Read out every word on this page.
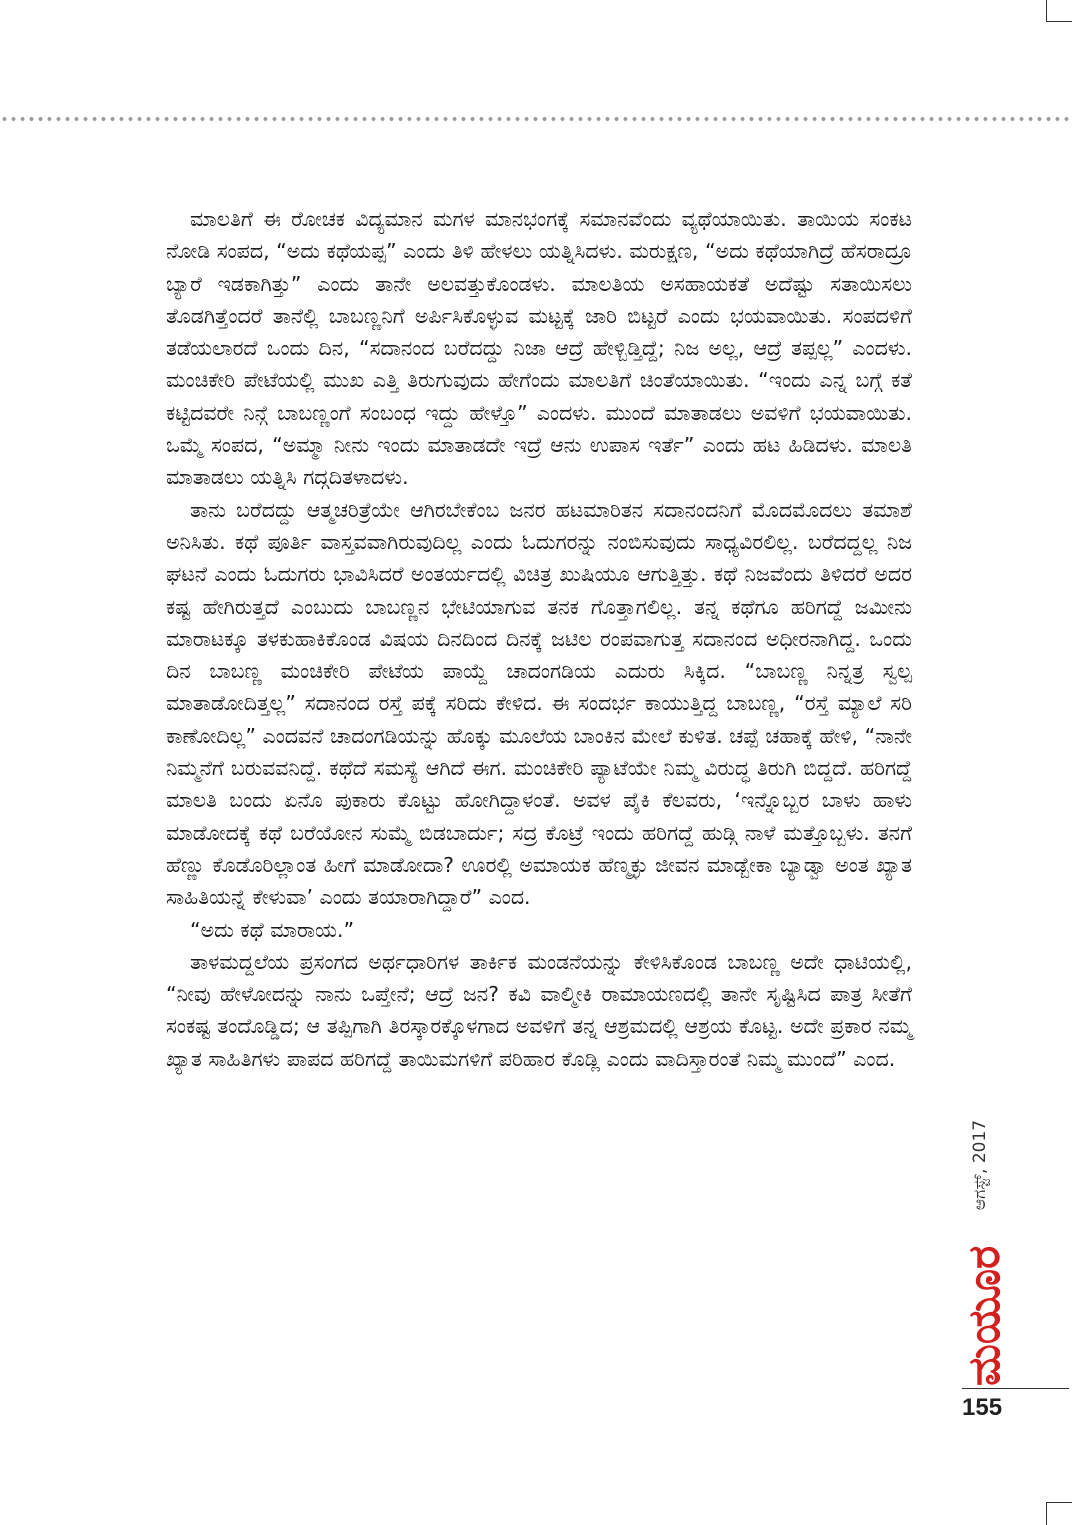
ಮಾಲತಿಗೆ ಈ ರೋಚಕ ವಿದ್ಯಮಾನ ಮಗಳ ಮಾನಭಂಗಕ್ಕೆ ಸಮಾನವೆಂದು ವ್ಯಥೆಯಾಯಿತು. ತಾಯಿಯ ಸಂಕಟ ನೋಡಿ ಸಂಪದ, “ಅದು ಕಥೆಯಪ್ಪ” ಎಂದು ತಿಳಿ ಹೇಳಲು ಯತ್ನಿಸಿದಳು. ಮರುಕ್ಷಣ, “ಅದು ಕಥೆಯಾಗಿದ್ರೆ ಹೆಸರಾದ್ರೂ ಬ್ಯಾರೆ ಇಡಕಾಗಿತ್ತು” ಎಂದು ತಾನೇ ಅಲವತ್ತುಕೊಂಡಳು. ಮಾಲತಿಯ ಅಸಹಾಯಕತೆ ಅದೆಷ್ಟು ಸತಾಯಿಸಲು ತೊಡಗಿತ್ತೆಂದರೆ ತಾನೆಲ್ಲಿ ಬಾಬಣ್ಣನಿಗೆ ಅರ್ಪಿಸಿಕೊಳ್ಳುವ ಮಟ್ಟಕ್ಕೆ ಜಾರಿ ಬಿಟ್ಟರೆ ಎಂದು ಭಯವಾಯಿತು. ಸಂಪದಳಿಗೆ ತಡೆಯಲಾರದೆ ಒಂದು ದಿನ, “ಸದಾನಂದ ಬರೆದದ್ದು ನಿಜಾ ಆದ್ರೆ ಹೇಳ್ಬಿಡ್ತಿದ್ದೆ; ನಿಜ ಅಲ್ಲ, ಆದ್ರೆ ತಪ್ಪಲ್ಲ” ಎಂದಳು. ಮಂಚಿಕೇರಿ ಪೇಟೆಯಲ್ಲಿ ಮುಖ ಎತ್ತಿ ತಿರುಗುವುದು ಹೇಗೆಂದು ಮಾಲತಿಗೆ ಚಿಂತೆಯಾಯಿತು. “ಇಂದು ಎನ್ನ ಬಗ್ಗೆ ಕತೆ ಕಟ್ಟಿದವರೇ ನಿನ್ಗೆ ಬಾಬಣ್ಣಂಗೆ ಸಂಬಂಧ ಇದ್ದು ಹೇಳ್ತೊ” ಎಂದಳು. ಮುಂದೆ ಮಾತಾಡಲು ಅವಳಿಗೆ ಭಯವಾಯಿತು. ಒಮ್ಮೆ ಸಂಪದ, “ಅಮ್ಮಾ ನೀನು ಇಂದು ಮಾತಾಡದೇ ಇದ್ರೆ ಆನು ಉಪಾಸ ಇರ್ತೆ” ಎಂದು ಹಟ ಹಿಡಿದಳು. ಮಾಲತಿ ಮಾತಾಡಲು ಯತ್ನಿಸಿ ಗದ್ಗದಿತಳಾದಳು.

ತಾನು ಬರೆದದ್ದು ಆತ್ಮಚರಿತ್ರೆಯೇ ಆಗಿರಬೇಕೆಂಬ ಜನರ ಹಟಮಾರಿತನ ಸದಾನಂದನಿಗೆ ಮೊದಮೊದಲು ತಮಾಶೆ ಅನಿಸಿತು. ಕಥೆ ಪೂರ್ತಿ ವಾಸ್ತವವಾಗಿರುವುದಿಲ್ಲ ಎಂದು ಓದುಗರನ್ನು ನಂಬಿಸುವುದು ಸಾಧ್ಯವಿರಲಿಲ್ಲ. ಬರೆದದ್ದಲ್ಲ ನಿಜ ಘಟನೆ ಎಂದು ಓದುಗರು ಭಾವಿಸಿದರೆ ಅಂತರ್ಯದಲ್ಲಿ ವಿಚಿತ್ರ ಖುಷಿಯೂ ಆಗುತ್ತಿತ್ತು. ಕಥೆ ನಿಜವೆಂದು ತಿಳಿದರೆ ಅದರ ಕಷ್ಟ ಹೇಗಿರುತ್ತದೆ ಎಂಬುದು ಬಾಬಣ್ಣನ ಭೇಟಿಯಾಗುವ ತನಕ ಗೊತ್ತಾಗಲಿಲ್ಲ. ತನ್ನ ಕಥೆಗೂ ಹರಿಗದ್ದೆ ಜಮೀನು ಮಾರಾಟಕ್ಕೂ ತಳಕುಹಾಕಿಕೊಂಡ ವಿಷಯ ದಿನದಿಂದ ದಿನಕ್ಕೆ ಜಟಿಲ ರಂಪವಾಗುತ್ತ ಸದಾನಂದ ಅಧೀರನಾಗಿದ್ದ. ಒಂದು ದಿನ ಬಾಬಣ್ಣ ಮಂಚಿಕೇರಿ ಪೇಟೆಯ ಪಾಯ್ದೆ ಚಾದಂಗಡಿಯ ಎದುರು ಸಿಕ್ಕಿದ. “ಬಾಬಣ್ಣ ನಿನ್ನತ್ರ ಸ್ವಲ್ಪ ಮಾತಾಡೋದಿತ್ತಲ್ಲ” ಸದಾನಂದ ರಸ್ತೆ ಪಕ್ಕೆ ಸರಿದು ಕೇಳಿದ. ಈ ಸಂದರ್ಭ ಕಾಯುತ್ತಿದ್ದ ಬಾಬಣ್ಣ, “ರಸ್ತೆ ಮ್ಯಾಲೆ ಸರಿ ಕಾಣೋದಿಲ್ಲ” ಎಂದವನೆ ಚಾದಂಗಡಿಯನ್ನು ಹೊಕ್ಕು ಮೂಲೆಯ ಬಾಂಕಿನ ಮೇಲೆ ಕುಳಿತ. ಚಪ್ಪೆ ಚಹಾಕ್ಕೆ ಹೇಳಿ, “ನಾನೇ ನಿಮ್ಮನೆಗೆ ಬರುವವನಿದ್ದೆ. ಕಥೆದೆ ಸಮಸ್ಯೆ ಆಗಿದೆ ಈಗ. ಮಂಚಿಕೇರಿ ಪ್ಯಾಟೆಯೇ ನಿಮ್ಮ ವಿರುದ್ಧ ತಿರುಗಿ ಬಿದ್ದದೆ. ಹರಿಗದ್ದೆ ಮಾಲತಿ ಬಂದು ಏನೊ ಪುಕಾರು ಕೊಟ್ಟು ಹೋಗಿದ್ದಾಳಂತೆ. ಅವಳ ಪೈಕಿ ಕೆಲವರು, ‘ಇನ್ನೊಬ್ಬರ ಬಾಳು ಹಾಳು ಮಾಡೋದಕ್ಕೆ ಕಥೆ ಬರೆಯೋನ ಸುಮ್ಮೆ ಬಿಡಬಾರ್ದು; ಸದ್ರ ಕೊಟ್ರೆ ಇಂದು ಹರಿಗದ್ದೆ ಹುಡ್ಗಿ ನಾಳೆ ಮತ್ತೊಬ್ಬಳು. ತನಗೆ ಹೆಣ್ಣು ಕೊಡೊರಿಲ್ಲಾಂತ ಹೀಗೆ ಮಾಡೋದಾ? ಊರಲ್ಲಿ ಅಮಾಯಕ ಹೆಣ್ಮಕ್ಳು ಜೀವನ ಮಾಡ್ಬೇಕಾ ಬ್ಯಾಡ್ವಾ ಅಂತ ಖ್ಯಾತ ಸಾಹಿತಿಯನ್ನೆ ಕೇಳುವಾ’ ಎಂದು ತಯಾರಾಗಿದ್ದಾರೆ” ಎಂದ.

“ಅದು ಕಥೆ ಮಾರಾಯ.”

ತಾಳಮದ್ದಲೆಯ ಪ್ರಸಂಗದ ಅರ್ಥಧಾರಿಗಳ ತಾರ್ಕಿಕ ಮಂಡನೆಯನ್ನು ಕೇಳಿಸಿಕೊಂಡ ಬಾಬಣ್ಣ ಅದೇ ಧಾಟಿಯಲ್ಲಿ, “ನೀವು ಹೇಳೋದನ್ನು ನಾನು ಒಪ್ತೇನೆ; ಆದ್ರೆ ಜನ? ಕವಿ ವಾಲ್ಮೀಕಿ ರಾಮಾಯಣದಲ್ಲಿ ತಾನೇ ಸೃಷ್ಟಿಸಿದ ಪಾತ್ರ ಸೀತೆಗೆ ಸಂಕಷ್ಟ ತಂದೊಡ್ಡಿದ; ಆ ತಪ್ಪಿಗಾಗಿ ತಿರಸ್ಕಾರಕ್ಕೊಳಗಾದ ಅವಳಿಗೆ ತನ್ನ ಆಶ್ರಮದಲ್ಲಿ ಆಶ್ರಯ ಕೊಟ್ಟ. ಅದೇ ಪ್ರಕಾರ ನಮ್ಮ ಖ್ಯಾತ ಸಾಹಿತಿಗಳು ಪಾಪದ ಹರಿಗದ್ದೆ ತಾಯಿಮಗಳಿಗೆ ಪರಿಹಾರ ಕೊಡ್ಲಿ ಎಂದು ವಾದಿಸ್ತಾರಂತೆ ನಿಮ್ಮ ಮುಂದೆ” ಎಂದ.

ಆಗಸ್ಟ್, 2017
ಮಯೂರ
155
